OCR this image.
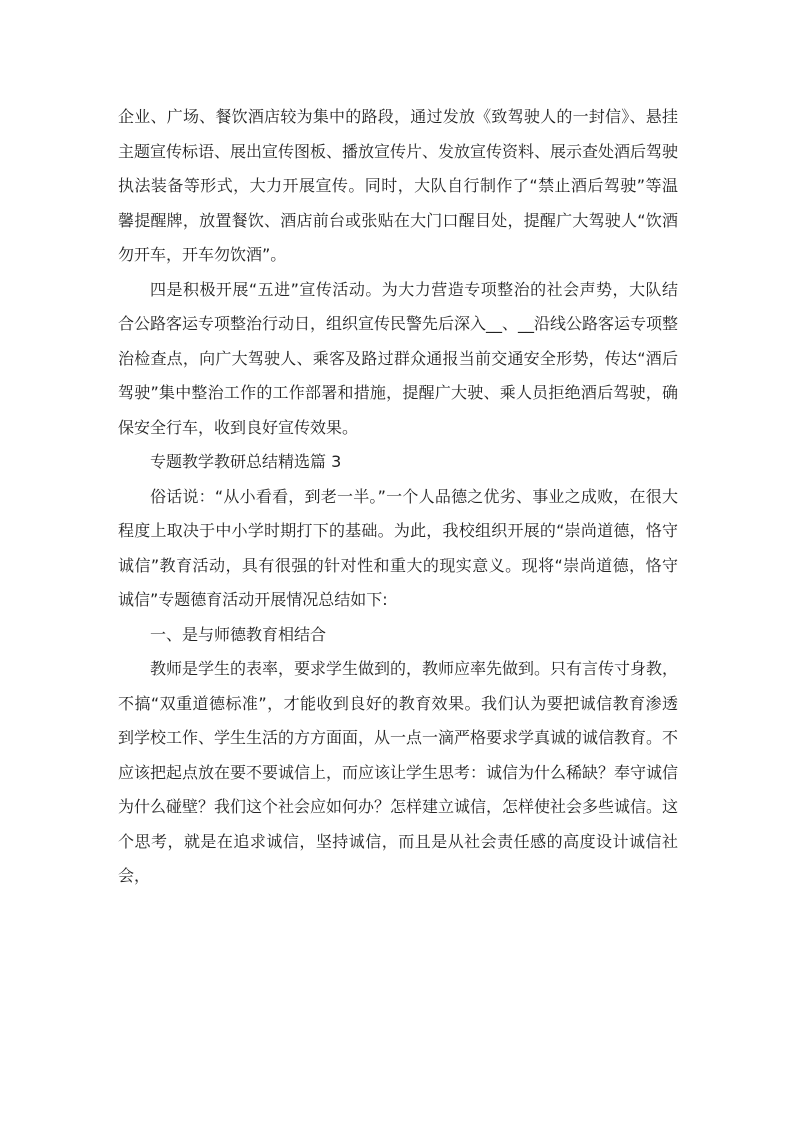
企业、广场、餐饮酒店较为集中的路段，通过发放《致驾驶人的一封信》、悬挂主题宣传标语、展出宣传图板、播放宣传片、发放宣传资料、展示查处酒后驾驶执法装备等形式，大力开展宣传。同时，大队自行制作了“禁止酒后驾驶”等温馨提醒牌，放置餐饮、酒店前台或张贴在大门口醒目处，提醒广大驾驶人“饮酒勿开车，开车勿饮酒”。

四是积极开展“五进”宣传活动。为大力营造专项整治的社会声势，大队结合公路客运专项整治行动日，组织宣传民警先后深入__、__沿线公路客运专项整治检查点，向广大驾驶人、乘客及路过群众通报当前交通安全形势，传达“酒后驾驶”集中整治工作的工作部署和措施，提醒广大驶、乘人员拒绝酒后驾驶，确保安全行车，收到良好宣传效果。

专题教学教研总结精选篇 3

俗话说：“从小看看，到老一半。”一个人品德之优劣、事业之成败，在很大程度上取决于中小学时期打下的基础。为此，我校组织开展的“崇尚道德，恪守诚信”教育活动，具有很强的针对性和重大的现实意义。现将“崇尚道德，恪守诚信”专题德育活动开展情况总结如下:

一、是与师德教育相结合

教师是学生的表率，要求学生做到的，教师应率先做到。只有言传寸身教，不搞“双重道德标准”，才能收到良好的教育效果。我们认为要把诚信教育渗透到学校工作、学生生活的方方面面，从一点一滴严格要求学真诚的诚信教育。不应该把起点放在要不要诚信上，而应该让学生思考：诚信为什么稀缺？奉守诚信为什么碰壁？我们这个社会应如何办？怎样建立诚信，怎样使社会多些诚信。这个思考，就是在追求诚信，坚持诚信，而且是从社会责任感的高度设计诚信社会，
